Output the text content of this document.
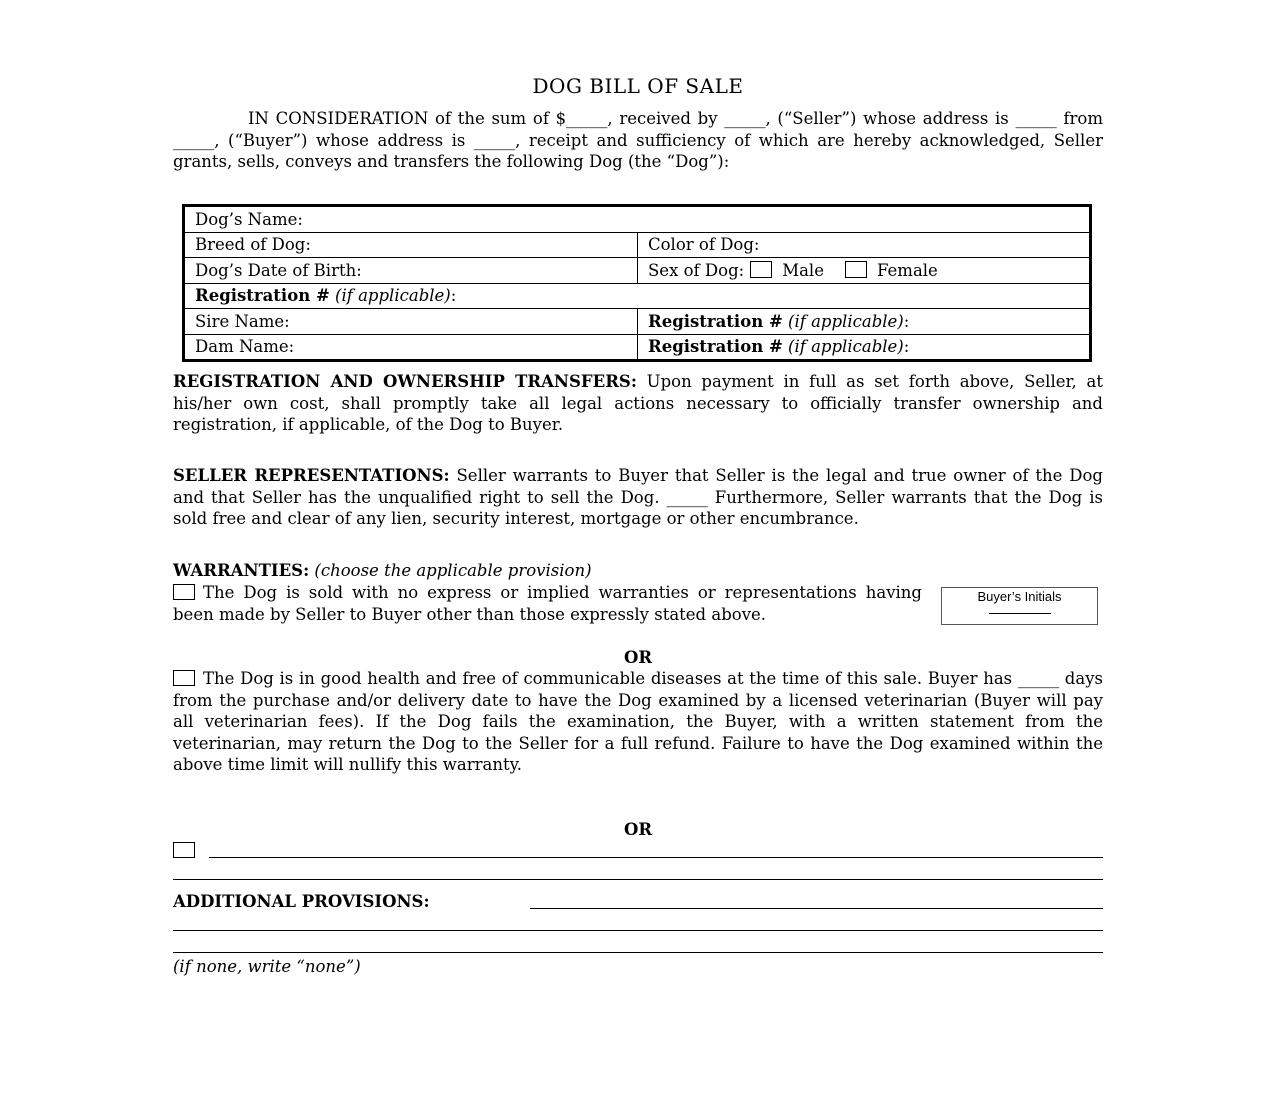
DOG BILL OF SALE
IN CONSIDERATION of the sum of $_____, received by _____, (“Seller”) whose address is _____ from _____, (“Buyer”) whose address is _____, receipt and sufficiency of which are hereby acknowledged, Seller grants, sells, conveys and transfers the following Dog (the “Dog”):
Dog’s Name:	
Breed of Dog:	Color of Dog:
Dog’s Date of Birth:	Sex of Dog: Male Female
Registration # (if applicable):	
Sire Name:	Registration # (if applicable):
Dam Name:	Registration # (if applicable):
REGISTRATION AND OWNERSHIP TRANSFERS: Upon payment in full as set forth above, Seller, at his/her own cost, shall promptly take all legal actions necessary to officially transfer ownership and registration, if applicable, of the Dog to Buyer.
SELLER REPRESENTATIONS: Seller warrants to Buyer that Seller is the legal and true owner of the Dog and that Seller has the unqualified right to sell the Dog. _____ Furthermore, Seller warrants that the Dog is sold free and clear of any lien, security interest, mortgage or other encumbrance.
WARRANTIES: (choose the applicable provision)
The Dog is sold with no express or implied warranties or representations having been made by Seller to Buyer other than those expressly stated above.
Buyer’s Initials
OR
The Dog is in good health and free of communicable diseases at the time of this sale. Buyer has _____ days from the purchase and/or delivery date to have the Dog examined by a licensed veterinarian (Buyer will pay all veterinarian fees). If the Dog fails the examination, the Buyer, with a written statement from the veterinarian, may return the Dog to the Seller for a full refund. Failure to have the Dog examined within the above time limit will nullify this warranty.
OR
ADDITIONAL PROVISIONS:
(if none, write “none”)
